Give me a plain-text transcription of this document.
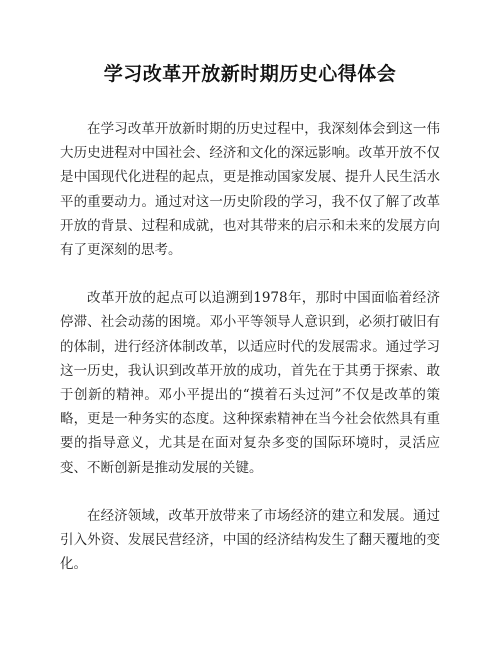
学习改革开放新时期历史心得体会

在学习改革开放新时期的历史过程中，我深刻体会到这一伟大历史进程对中国社会、经济和文化的深远影响。改革开放不仅是中国现代化进程的起点，更是推动国家发展、提升人民生活水平的重要动力。通过对这一历史阶段的学习，我不仅了解了改革开放的背景、过程和成就，也对其带来的启示和未来的发展方向有了更深刻的思考。

改革开放的起点可以追溯到1978年，那时中国面临着经济停滞、社会动荡的困境。邓小平等领导人意识到，必须打破旧有的体制，进行经济体制改革，以适应时代的发展需求。通过学习这一历史，我认识到改革开放的成功，首先在于其勇于探索、敢于创新的精神。邓小平提出的“摸着石头过河”不仅是改革的策略，更是一种务实的态度。这种探索精神在当今社会依然具有重要的指导意义，尤其是在面对复杂多变的国际环境时，灵活应变、不断创新是推动发展的关键。

在经济领域，改革开放带来了市场经济的建立和发展。通过引入外资、发展民营经济，中国的经济结构发生了翻天覆地的变化。
